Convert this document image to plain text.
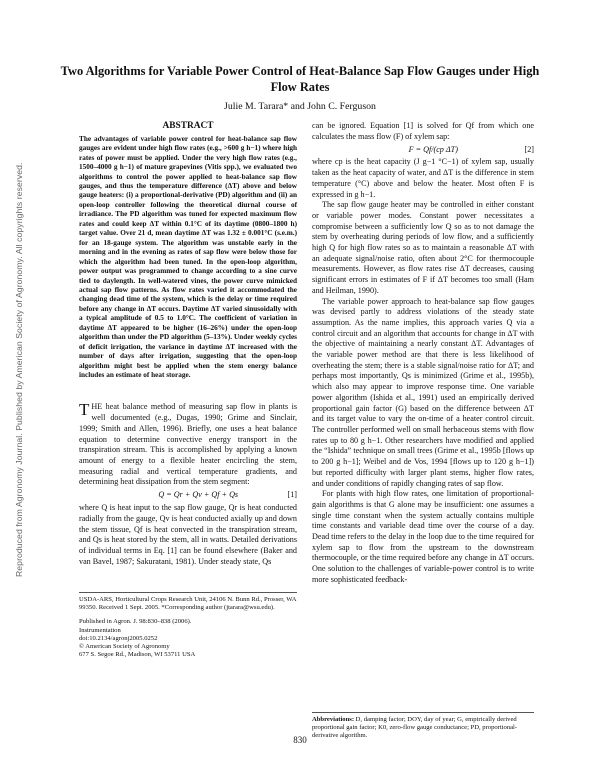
Reproduced from Agronomy Journal. Published by American Society of Agronomy. All copyrights reserved.
Two Algorithms for Variable Power Control of Heat-Balance Sap Flow Gauges under High Flow Rates
Julie M. Tarara* and John C. Ferguson
ABSTRACT

The advantages of variable power control for heat-balance sap flow gauges are evident under high flow rates (e.g., >600 g h−1) where high rates of power must be applied. Under the very high flow rates (e.g., 1500–4000 g h−1) of mature grapevines (Vitis spp.), we evaluated two algorithms to control the power applied to heat-balance sap flow gauges, and thus the temperature difference (ΔT) above and below gauge heaters: (i) a proportional-derivative (PD) algorithm and (ii) an open-loop controller following the theoretical diurnal course of irradiance. The PD algorithm was tuned for expected maximum flow rates and could keep ΔT within 0.1°C of its daytime (0800–1800 h) target value. Over 21 d, mean daytime ΔT was 1.32 ± 0.001°C (s.e.m.) for an 18-gauge system. The algorithm was unstable early in the morning and in the evening as rates of sap flow were below those for which the algorithm had been tuned. In the open-loop algorithm, power output was programmed to change according to a sine curve tied to daylength. In well-watered vines, the power curve mimicked actual sap flow patterns. As flow rates varied it accommodated the changing dead time of the system, which is the delay or time required before any change in ΔT occurs. Daytime ΔT varied sinusoidally with a typical amplitude of 0.5 to 1.0°C. The coefficient of variation in daytime ΔT appeared to be higher (16–26%) under the open-loop algorithm than under the PD algorithm (5–13%). Under weekly cycles of deficit irrigation, the variance in daytime ΔT increased with the number of days after irrigation, suggesting that the open-loop algorithm might best be applied when the stem energy balance includes an estimate of heat storage.

THE heat balance method of measuring sap flow in plants is well documented (e.g., Dugas, 1990; Grime and Sinclair, 1999; Smith and Allen, 1996). Briefly, one uses a heat balance equation to determine convective energy transport in the transpiration stream. This is accomplished by applying a known amount of energy to a flexible heater encircling the stem, measuring radial and vertical temperature gradients, and determining heat dissipation from the stem segment:

Q = Qr + Qv + Qf + Qs	[1]

where Q is heat input to the sap flow gauge, Qr is heat conducted radially from the gauge, Qv is heat conducted axially up and down the stem tissue, Qf is heat convected in the transpiration stream, and Qs is heat stored by the stem, all in watts. Detailed derivations of individual terms in Eq. [1] can be found elsewhere (Baker and van Bavel, 1987; Sakuratani, 1981). Under steady state, Qs

USDA-ARS, Horticultural Crops Research Unit, 24106 N. Bunn Rd., Prosser, WA 99350. Received 1 Sept. 2005. *Corresponding author (jtarara@wsu.edu).

Published in Agron. J. 98:830–838 (2006).
Instrumentation
doi:10.2134/agronj2005.0252
© American Society of Agronomy
677 S. Segoe Rd., Madison, WI 53711 USA

can be ignored. Equation [1] is solved for Qf from which one calculates the mass flow (F) of xylem sap:

F = Qf/(cp ΔT)	[2]

where cp is the heat capacity (J g−1 °C−1) of xylem sap, usually taken as the heat capacity of water, and ΔT is the difference in stem temperature (°C) above and below the heater. Most often F is expressed in g h−1.

The sap flow gauge heater may be controlled in either constant or variable power modes. Constant power necessitates a compromise between a sufficiently low Q so as to not damage the stem by overheating during periods of low flow, and a sufficiently high Q for high flow rates so as to maintain a reasonable ΔT with an adequate signal/noise ratio, often about 2°C for thermocouple measurements. However, as flow rates rise ΔT decreases, causing significant errors in estimates of F if ΔT becomes too small (Ham and Heilman, 1990).

The variable power approach to heat-balance sap flow gauges was devised partly to address violations of the steady state assumption. As the name implies, this approach varies Q via a control circuit and an algorithm that accounts for change in ΔT with the objective of maintaining a nearly constant ΔT. Advantages of the variable power method are that there is less likelihood of overheating the stem; there is a stable signal/noise ratio for ΔT; and perhaps most importantly, Qs is minimized (Grime et al., 1995b), which also may appear to improve response time. One variable power algorithm (Ishida et al., 1991) used an empirically derived proportional gain factor (G) based on the difference between ΔT and its target value to vary the on-time of a heater control circuit. The controller performed well on small herbaceous stems with flow rates up to 80 g h−1. Other researchers have modified and applied the “Ishida” technique on small trees (Grime et al., 1995b [flows up to 200 g h−1]; Weibel and de Vos, 1994 [flows up to 120 g h−1]) but reported difficulty with larger plant stems, higher flow rates, and under conditions of rapidly changing rates of sap flow.

For plants with high flow rates, one limitation of proportional-gain algorithms is that G alone may be insufficient: one assumes a single time constant when the system actually contains multiple time constants and variable dead time over the course of a day. Dead time refers to the delay in the loop due to the time required for xylem sap to flow from the upstream to the downstream thermocouple, or the time required before any change in ΔT occurs. One solution to the challenges of variable-power control is to write more sophisticated feedback-

Abbreviations: D, damping factor; DOY, day of year; G, empirically derived proportional gain factor; K0, zero-flow gauge conductance; PD, proportional-derivative algorithm.

830
